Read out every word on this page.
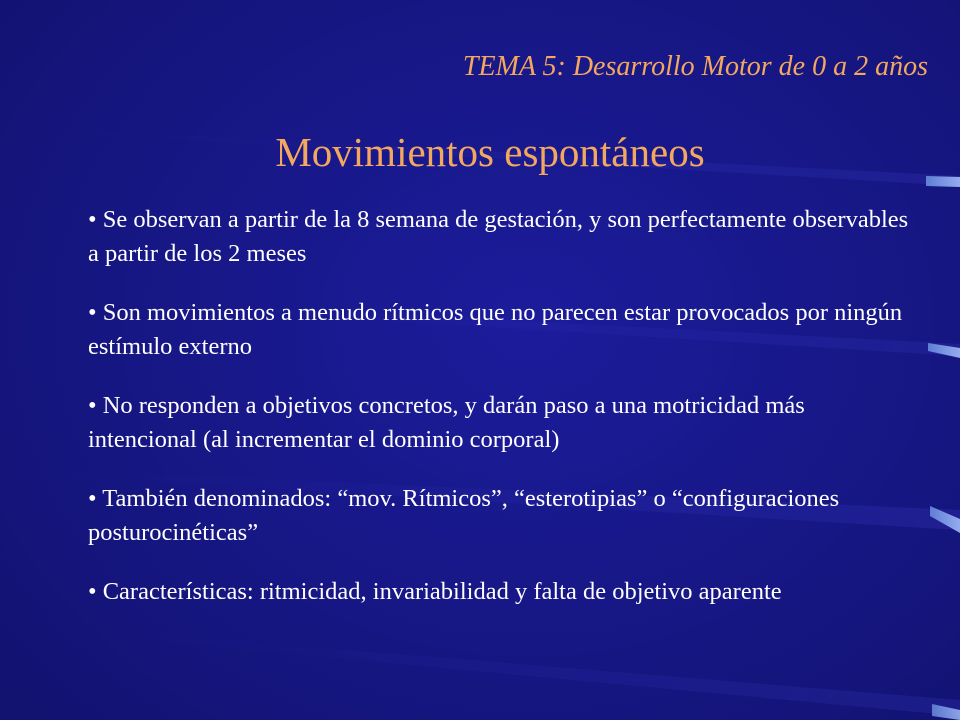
TEMA 5: Desarrollo Motor de 0 a 2 años
Movimientos espontáneos
• Se observan a partir de la 8 semana de gestación, y son perfectamente observables a partir de los 2 meses
• Son movimientos a menudo rítmicos que no parecen estar provocados por ningún estímulo externo
• No responden a objetivos concretos, y darán paso a una motricidad más intencional (al incrementar el dominio corporal)
• También denominados: “mov. Rítmicos”, “esterotipias” o “configuraciones posturocinéticas”
• Características: ritmicidad, invariabilidad y falta de objetivo aparente
